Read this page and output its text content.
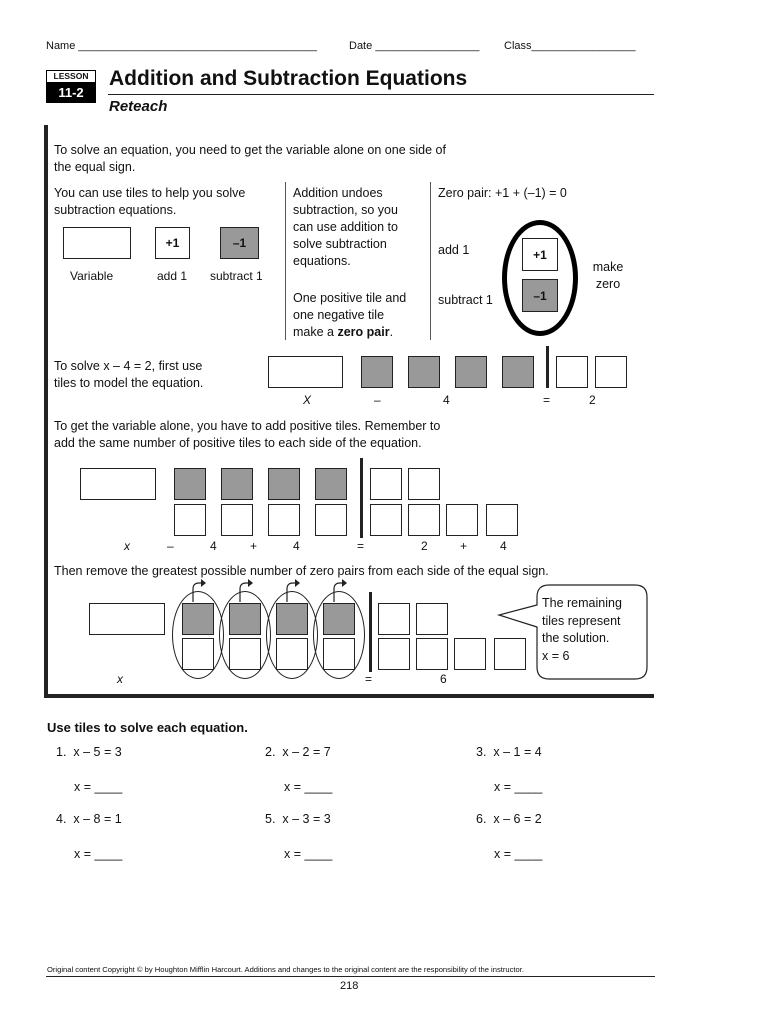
Name _______________________________________	Date _________________ Class_________________
LESSON
11-2
Addition and Subtraction Equations
Reteach
To solve an equation, you need to get the variable alone on one side of
the equal sign.
You can use tiles to help you solve
subtraction equations.
+1	–1
Variable	add 1 subtract 1
Addition undoes
subtraction, so you
can use addition to
solve subtraction
equations.
One positive tile and
one negative tile
make a zero pair.
Zero pair: +1 + (–1) = 0
add 1
subtract 1
+1
–1
make
zero
To solve x – 4 = 2, first use
tiles to model the equation.
X	–	4	=	2
To get the variable alone, you have to add positive tiles. Remember to
add the same number of positive tiles to each side of the equation.
x	–	4	+	4	=	2	+	4
Then remove the greatest possible number of zero pairs from each side of the equal sign.
The remaining
tiles represent
the solution.
x = 6
x	=	6
Use tiles to solve each equation.
1. x – 5 = 3	2. x – 2 = 7	3. x – 1 = 4
x = ____	x = ____	x = ____
4. x – 8 = 1	5. x – 3 = 3	6. x – 6 = 2
x = ____	x = ____	x = ____
Original content Copyright © by Houghton Mifflin Harcourt. Additions and changes to the original content are the responsibility of the instructor.
218
